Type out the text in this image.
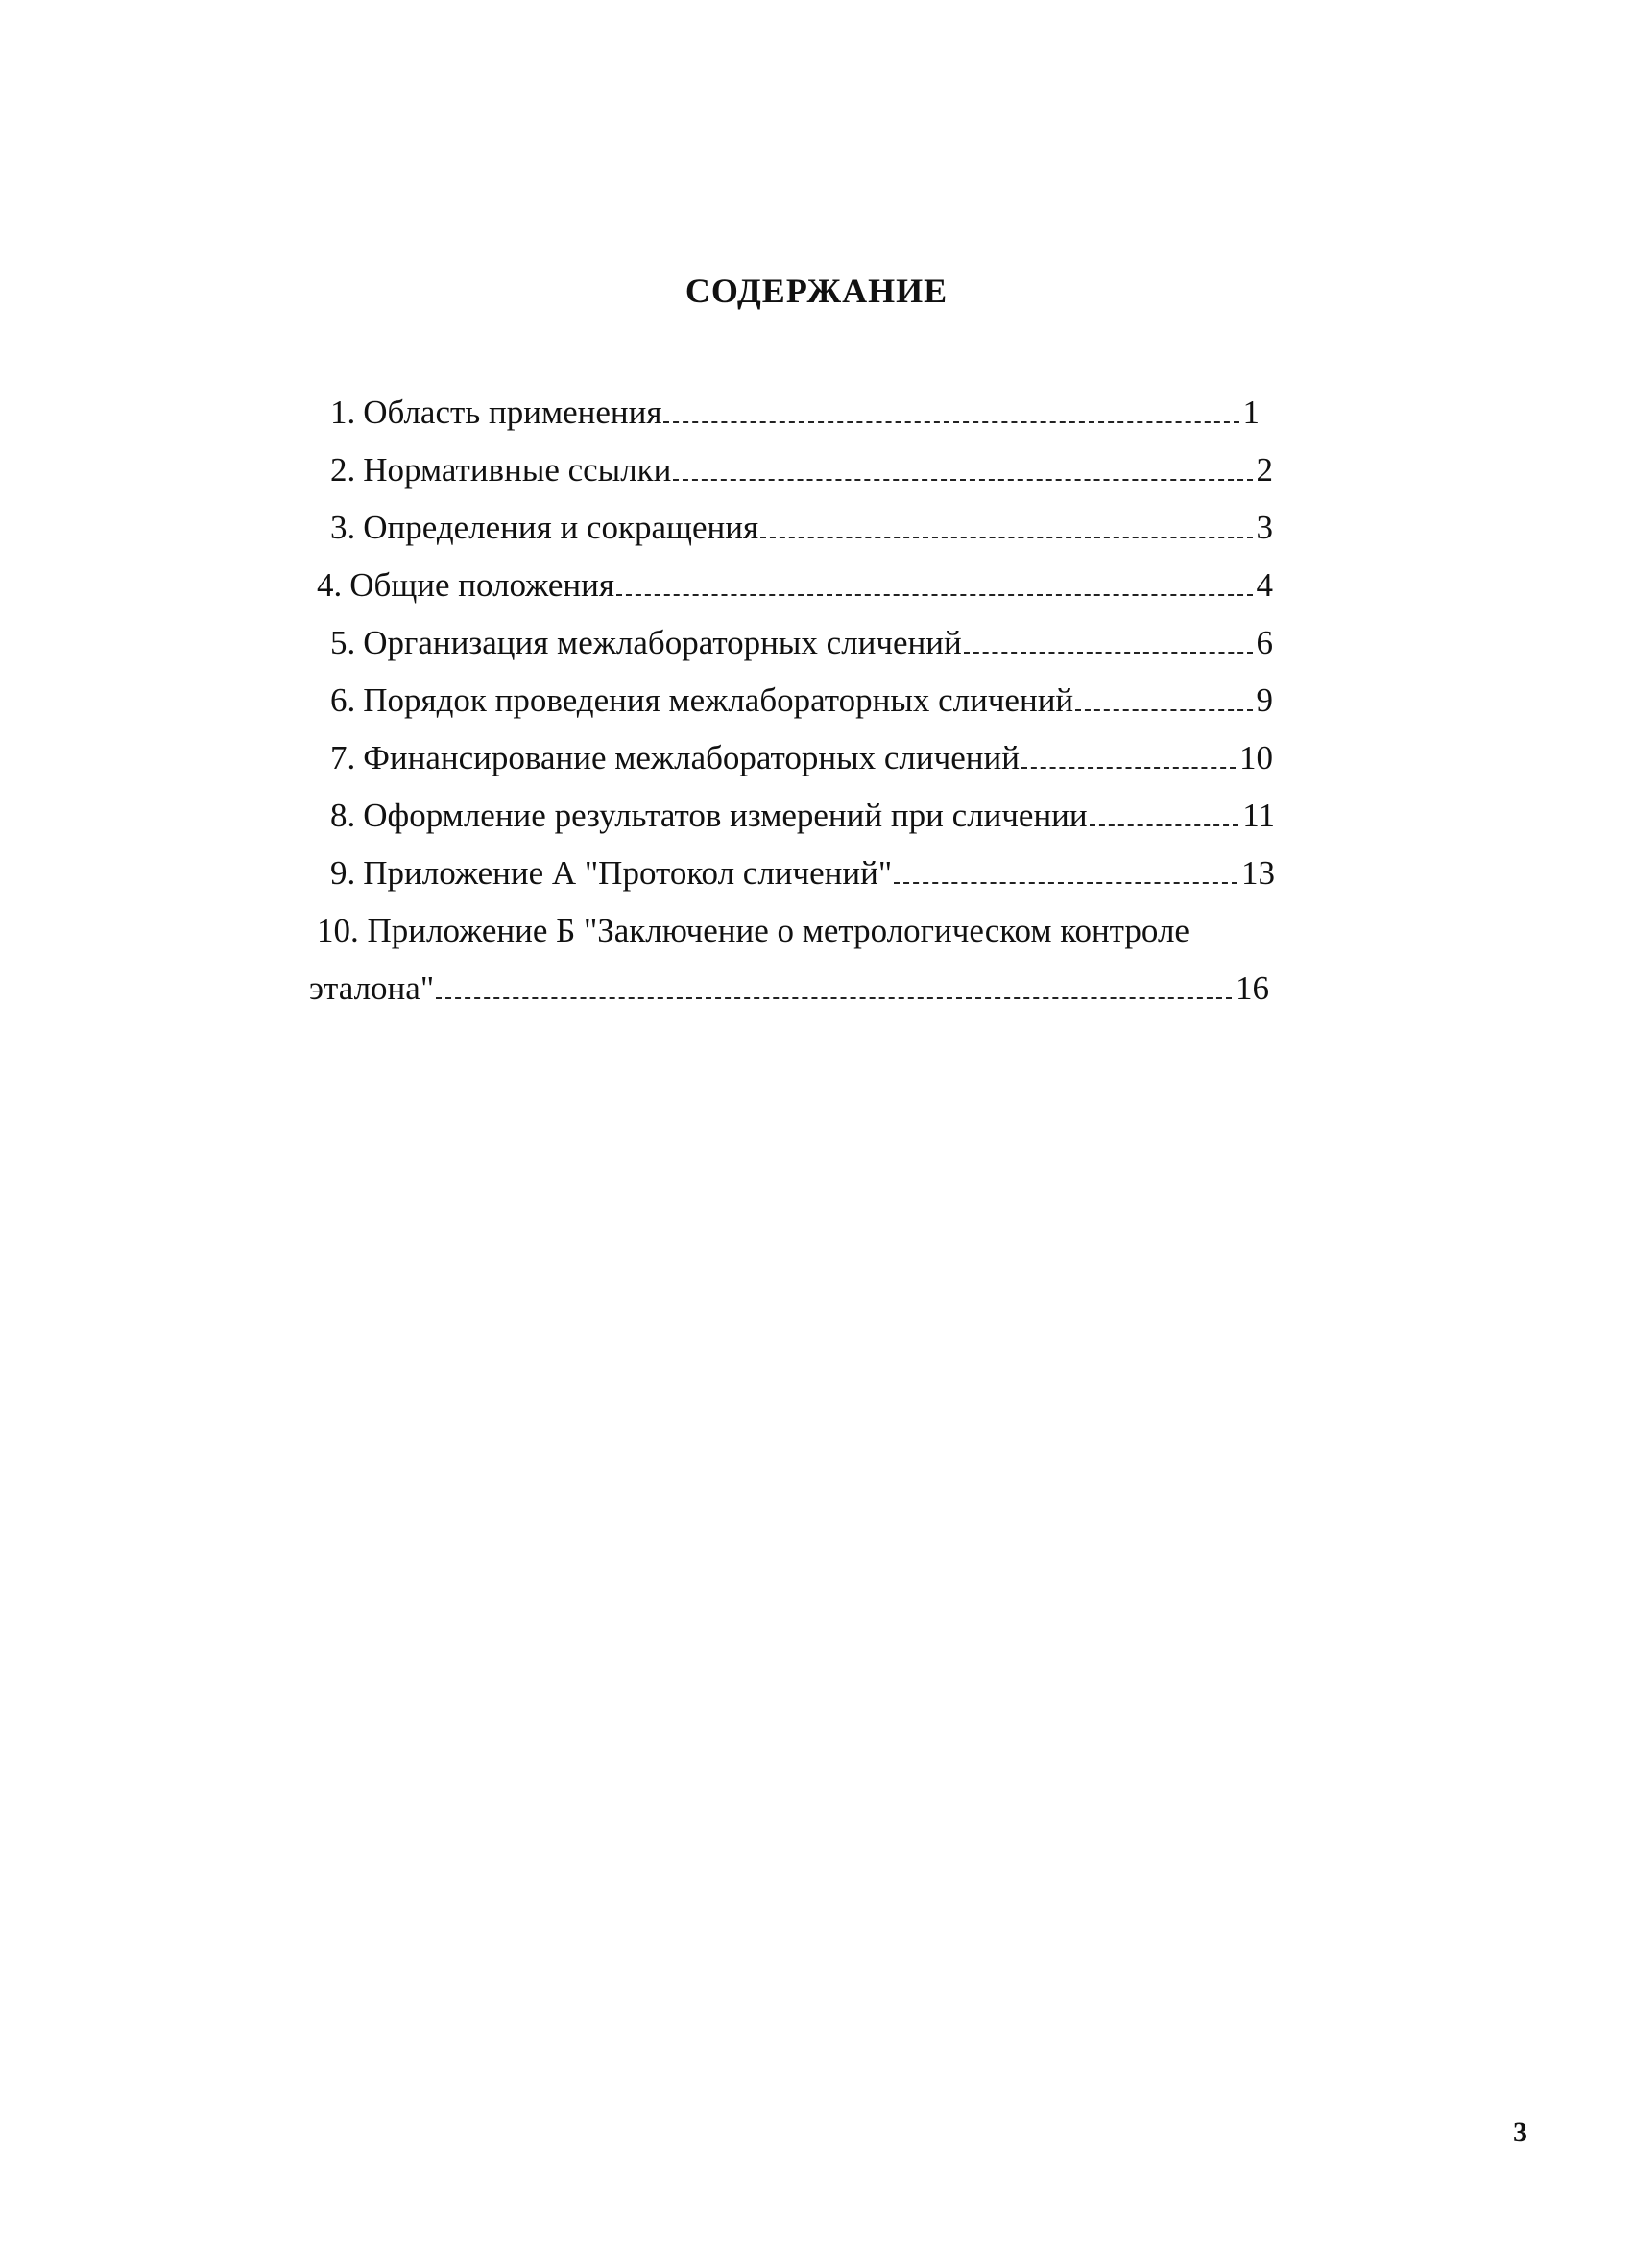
СОДЕРЖАНИЕ
1. Область применения	1
2. Нормативные ссылки	2
3. Определения и сокращения	3
4. Общие положения	4
5. Организация межлабораторных сличений	6
6. Порядок проведения межлабораторных сличений	9
7. Финансирование межлабораторных сличений	10
8. Оформление результатов измерений при сличении	11
9. Приложение А "Протокол сличений"	13
10. Приложение Б "Заключение о метрологическом контроле
эталона"	16
3
